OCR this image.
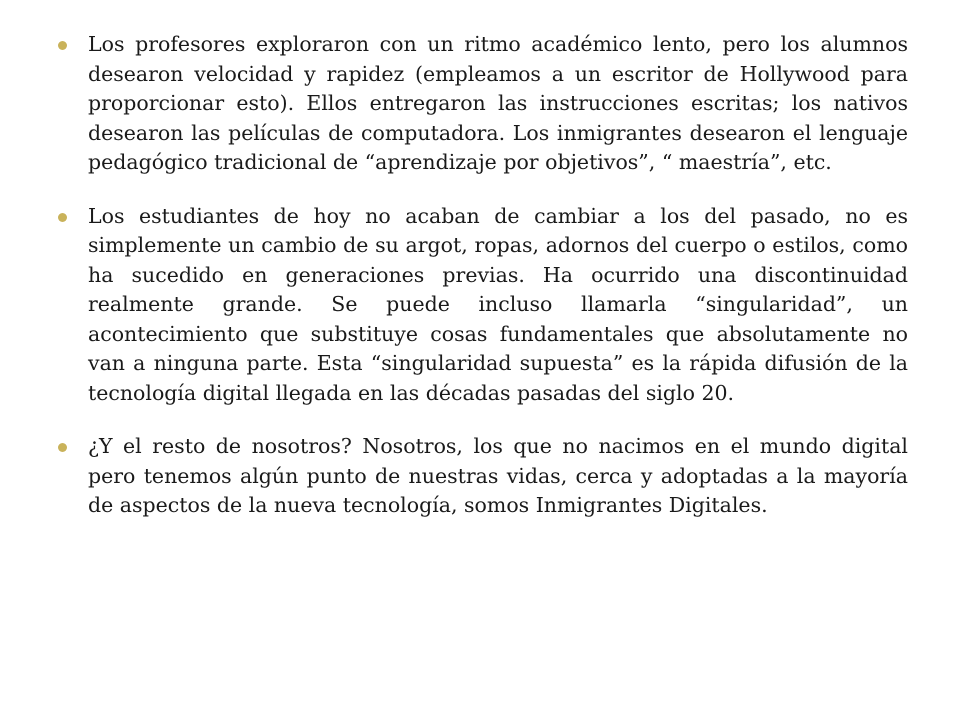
Los profesores exploraron con un ritmo académico lento, pero los alumnos desearon velocidad y rapidez (empleamos a un escritor de Hollywood para proporcionar esto). Ellos entregaron las instrucciones escritas; los nativos desearon las películas de computadora. Los inmigrantes desearon el lenguaje pedagógico tradicional de “aprendizaje por objetivos”, “ maestría”, etc.
Los estudiantes de hoy no acaban de cambiar a los del pasado, no es simplemente un cambio de su argot, ropas, adornos del cuerpo o estilos, como ha sucedido en generaciones previas. Ha ocurrido una discontinuidad realmente grande. Se puede incluso llamarla “singularidad”, un acontecimiento que substituye cosas fundamentales que absolutamente no van a ninguna parte. Esta “singularidad supuesta” es la rápida difusión de la tecnología digital llegada en las décadas pasadas del siglo 20.
¿Y el resto de nosotros? Nosotros, los que no nacimos en el mundo digital pero tenemos algún punto de nuestras vidas, cerca y adoptadas a la mayoría de aspectos de la nueva tecnología, somos Inmigrantes Digitales.
